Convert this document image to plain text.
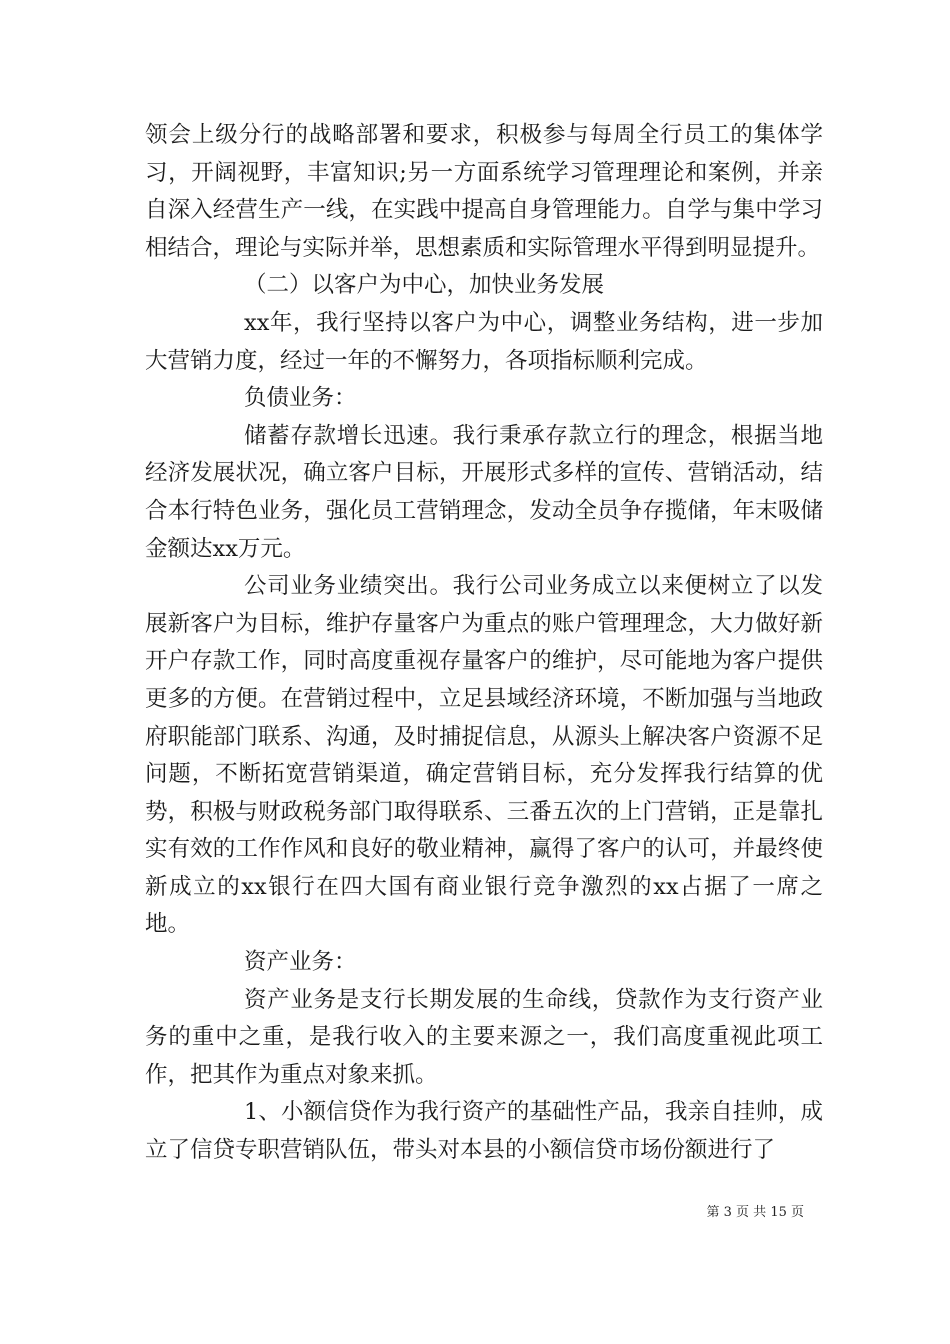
领会上级分行的战略部署和要求，积极参与每周全行员工的集体学习，开阔视野，丰富知识;另一方面系统学习管理理论和案例，并亲自深入经营生产一线，在实践中提高自身管理能力。自学与集中学习相结合，理论与实际并举，思想素质和实际管理水平得到明显提升。

（二）以客户为中心，加快业务发展

xx年，我行坚持以客户为中心，调整业务结构，进一步加大营销力度，经过一年的不懈努力，各项指标顺利完成。

负债业务：

储蓄存款增长迅速。我行秉承存款立行的理念，根据当地经济发展状况，确立客户目标，开展形式多样的宣传、营销活动，结合本行特色业务，强化员工营销理念，发动全员争存揽储，年末吸储金额达xx万元。

公司业务业绩突出。我行公司业务成立以来便树立了以发展新客户为目标，维护存量客户为重点的账户管理理念，大力做好新开户存款工作，同时高度重视存量客户的维护，尽可能地为客户提供更多的方便。在营销过程中，立足县域经济环境，不断加强与当地政府职能部门联系、沟通，及时捕捉信息，从源头上解决客户资源不足问题，不断拓宽营销渠道，确定营销目标，充分发挥我行结算的优势，积极与财政税务部门取得联系、三番五次的上门营销，正是靠扎实有效的工作作风和良好的敬业精神，赢得了客户的认可，并最终使新成立的xx银行在四大国有商业银行竞争激烈的xx占据了一席之地。

资产业务：

资产业务是支行长期发展的生命线，贷款作为支行资产业务的重中之重，是我行收入的主要来源之一，我们高度重视此项工作，把其作为重点对象来抓。

1、小额信贷作为我行资产的基础性产品，我亲自挂帅，成立了信贷专职营销队伍，带头对本县的小额信贷市场份额进行了

第 3 页 共 15 页
